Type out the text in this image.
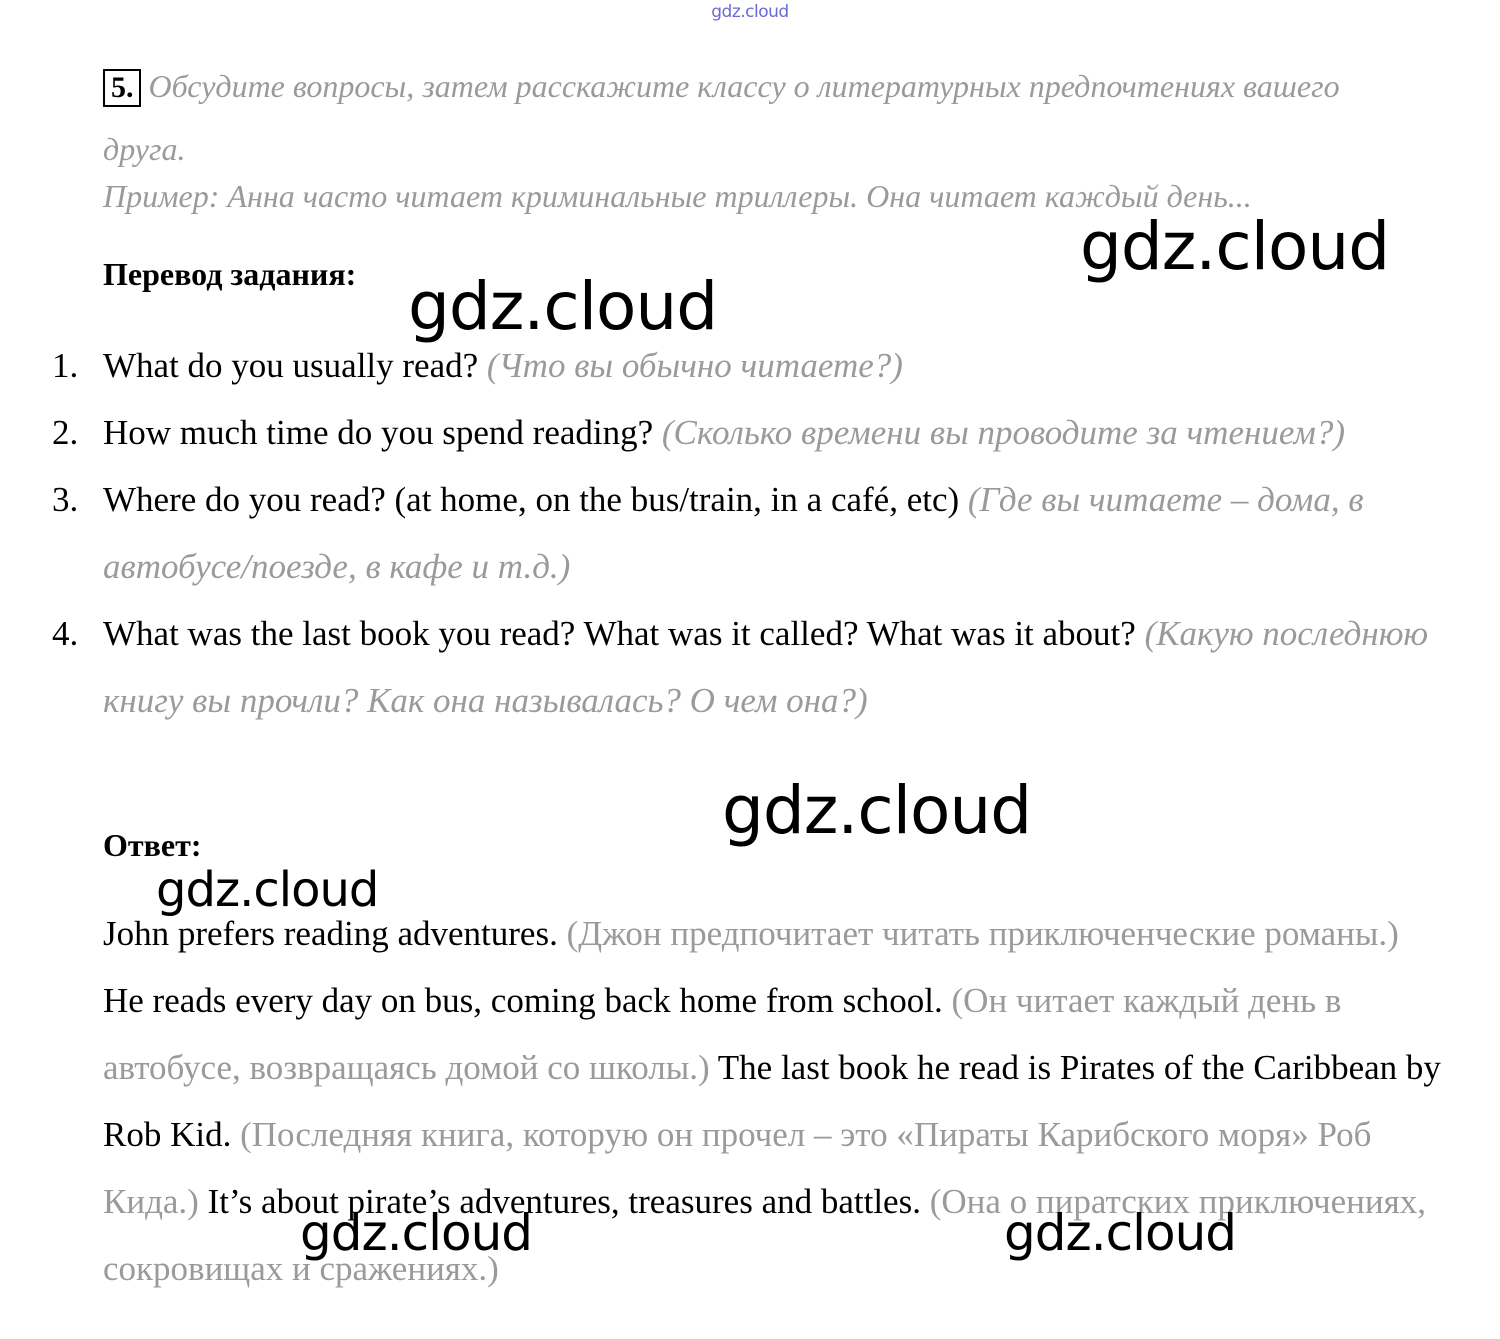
gdz.cloud
5. Обсудите вопросы, затем расскажите классу о литературных предпочтениях вашего друга.
Пример: Анна часто читает криминальные триллеры. Она читает каждый день...
Перевод задания:
1. What do you usually read? (Что вы обычно читаете?)
2. How much time do you spend reading? (Сколько времени вы проводите за чтением?)
3. Where do you read? (at home, on the bus/train, in a café, etc) (Где вы читаете – дома, в автобусе/поезде, в кафе и т.д.)
4. What was the last book you read? What was it called? What was it about? (Какую последнюю книгу вы прочли? Как она называлась? О чем она?)
Ответ:
John prefers reading adventures. (Джон предпочитает читать приключенческие романы.) He reads every day on bus, coming back home from school. (Он читает каждый день в автобусе, возвращаясь домой со школы.) The last book he read is Pirates of the Caribbean by Rob Kid. (Последняя книга, которую он прочел – это «Пираты Карибского моря» Роб Кида.) It’s about pirate’s adventures, treasures and battles. (Она о пиратских приключениях, сокровищах и сражениях.)
gdz.cloud
gdz.cloud
gdz.cloud
gdz.cloud
gdz.cloud	gdz.cloud
